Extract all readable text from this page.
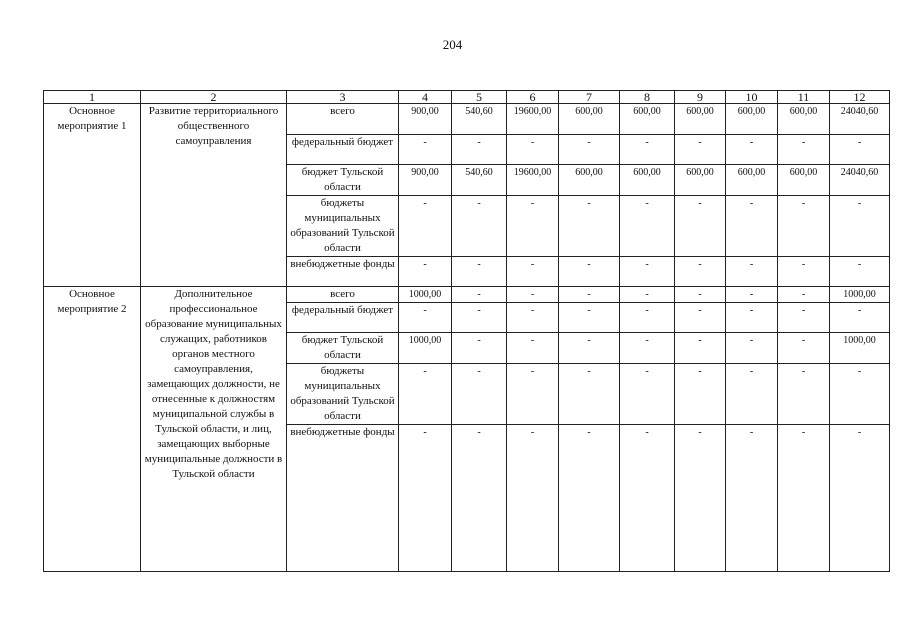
204
1	2	3	4	5	6	7	8	9	10	11	12
Основное мероприятие 1	Развитие территориального общественного самоуправления	всего	900,00	540,60	19600,00	600,00	600,00	600,00	600,00	600,00	24040,60
		федеральный бюджет	-	-	-	-	-	-	-	-	-
		бюджет Тульской области	900,00	540,60	19600,00	600,00	600,00	600,00	600,00	600,00	24040,60
		бюджеты муниципальных образований Тульской области	-	-	-	-	-	-	-	-	-
		внебюджетные фонды	-	-	-	-	-	-	-	-	-
Основное мероприятие 2	Дополнительное профессиональное образование муниципальных служащих, работников органов местного самоуправления, замещающих должности, не отнесенные к должностям муниципальной службы в Тульской области, и лиц, замещающих выборные муниципальные должности в Тульской области	всего	1000,00	-	-	-	-	-	-	-	1000,00
		федеральный бюджет	-	-	-	-	-	-	-	-	-
		бюджет Тульской области	1000,00	-	-	-	-	-	-	-	1000,00
		бюджеты муниципальных образований Тульской области	-	-	-	-	-	-	-	-	-
		внебюджетные фонды	-	-	-	-	-	-	-	-	-
